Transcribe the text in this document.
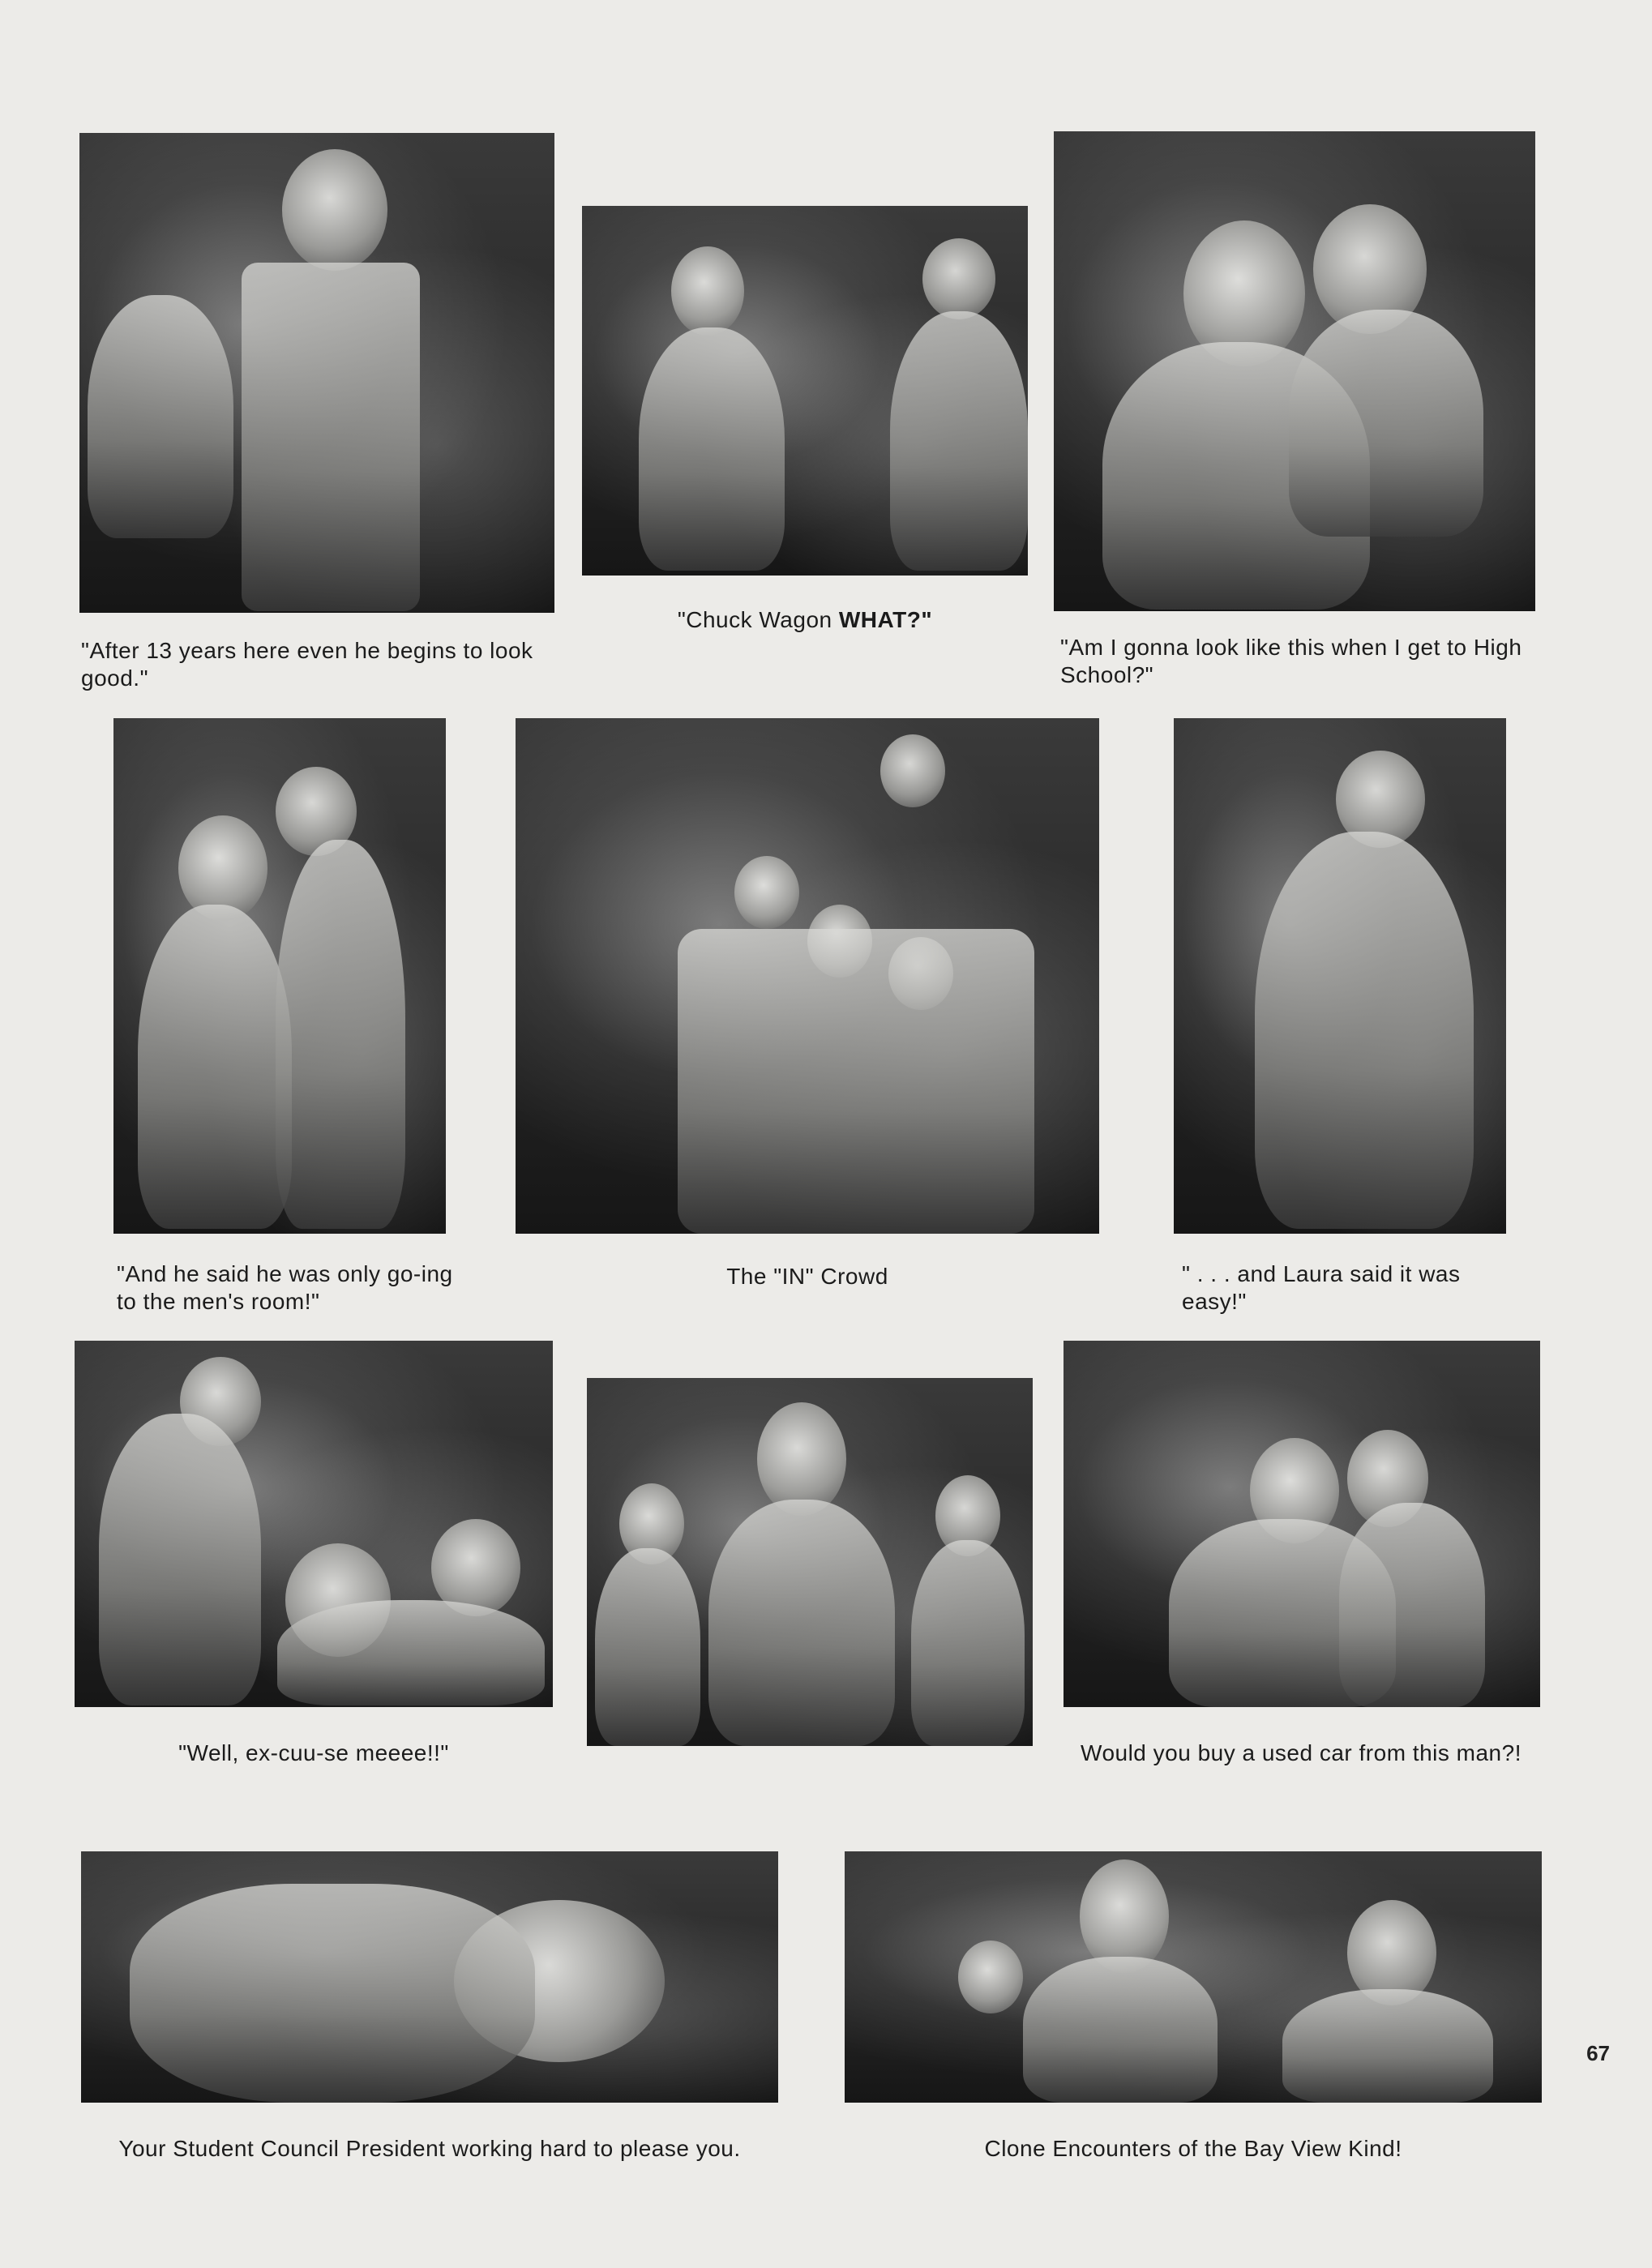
"After 13 years here even he begins to look good."
"Chuck Wagon WHAT?"
"Am I gonna look like this when I get to High School?"
"And he said he was only go-ing to the men's room!"
The "IN" Crowd	" . . . and Laura said it was easy!"
"Well, ex-cuu-se meeee!!"	Would you buy a used car from this man?!
Your Student Council President working hard to please you.	Clone Encounters of the Bay View Kind!
67
